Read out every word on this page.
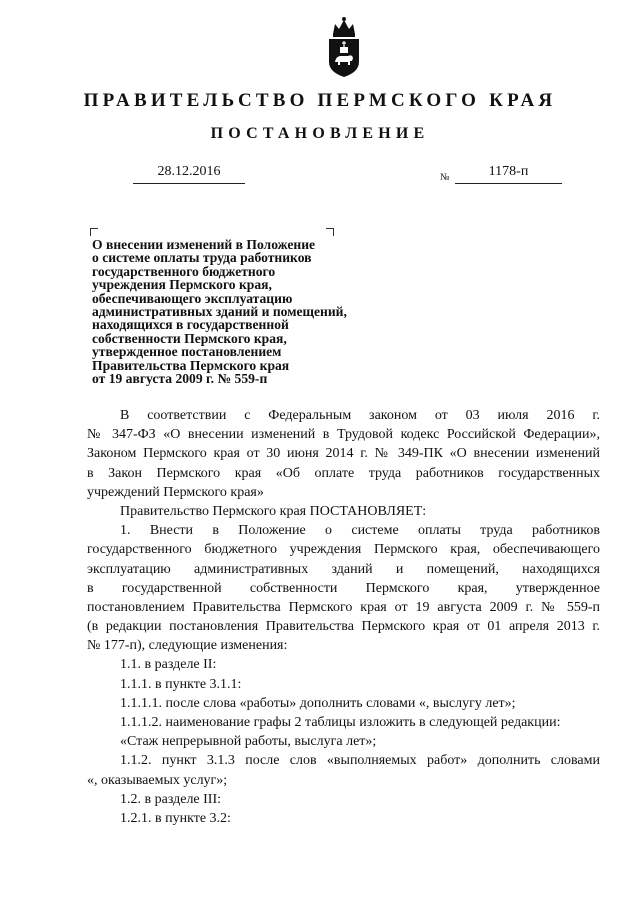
ПРАВИТЕЛЬСТВО ПЕРМСКОГО КРАЯ
ПОСТАНОВЛЕНИЕ
28.12.2016	№	1178-п

О внесении изменений в Положение
о системе оплаты труда работников
государственного бюджетного
учреждения Пермского края,
обеспечивающего эксплуатацию
административных зданий и помещений,
находящихся в государственной
собственности Пермского края,
утвержденное постановлением
Правительства Пермского края
от 19 августа 2009 г. № 559-п

В соответствии с Федеральным законом от 03 июля 2016 г.
№ 347-ФЗ «О внесении изменений в Трудовой кодекс Российской Федерации»,
Законом Пермского края от 30 июня 2014 г. № 349-ПК «О внесении изменений
в Закон Пермского края «Об оплате труда работников государственных
учреждений Пермского края»
Правительство Пермского края ПОСТАНОВЛЯЕТ:
1. Внести в Положение о системе оплаты труда работников
государственного бюджетного учреждения Пермского края, обеспечивающего
эксплуатацию административных зданий и помещений, находящихся
в государственной собственности Пермского края, утвержденное
постановлением Правительства Пермского края от 19 августа 2009 г. № 559-п
(в редакции постановления Правительства Пермского края от 01 апреля 2013 г.
№ 177-п), следующие изменения:
1.1. в разделе II:
1.1.1. в пункте 3.1.1:
1.1.1.1. после слова «работы» дополнить словами «, выслугу лет»;
1.1.1.2. наименование графы 2 таблицы изложить в следующей редакции:
«Стаж непрерывной работы, выслуга лет»;
1.1.2. пункт 3.1.3 после слов «выполняемых работ» дополнить словами
«, оказываемых услуг»;
1.2. в разделе III:
1.2.1. в пункте 3.2:
